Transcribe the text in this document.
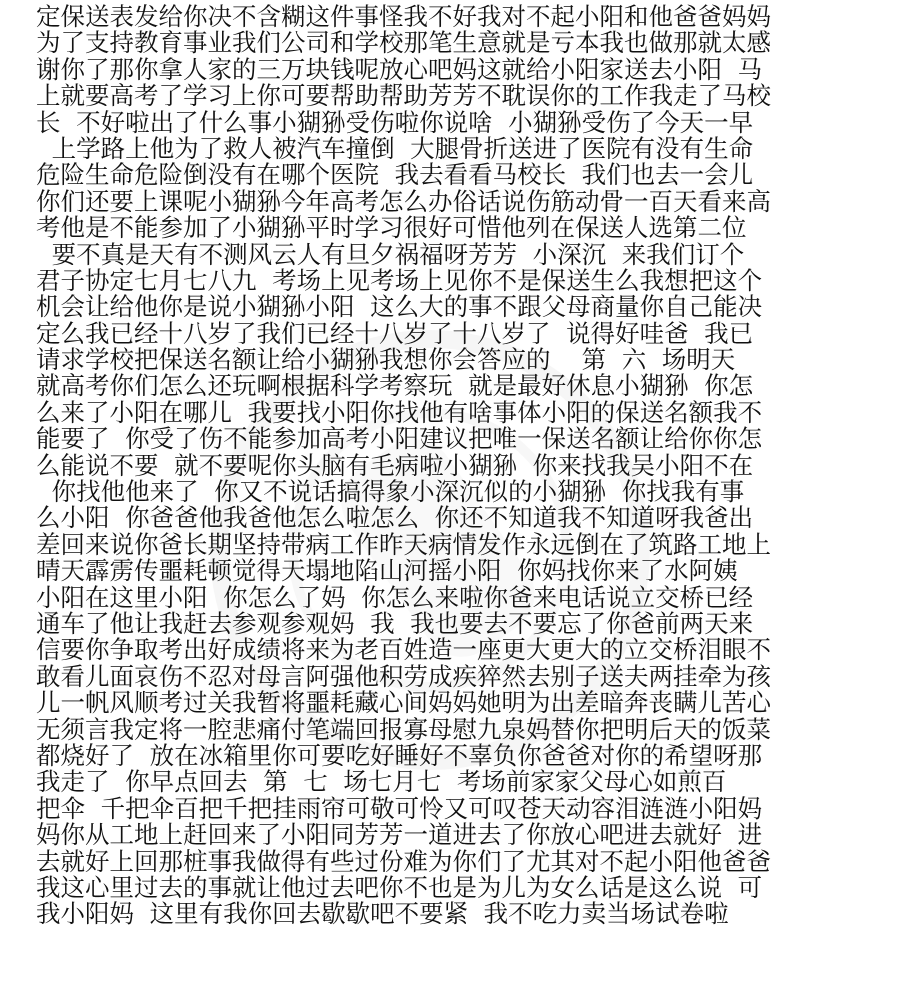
定保送表发给你决不含糊这件事怪我不好我对不起小阳和他爸爸妈妈
为了支持教育事业我们公司和学校那笔生意就是亏本我也做那就太感
谢你了那你拿人家的三万块钱呢放心吧妈这就给小阳家送去小阳  马
上就要高考了学习上你可要帮助帮助芳芳不耽误你的工作我走了马校
长  不好啦出了什么事小猢狲受伤啦你说啥  小猢狲受伤了今天一早
上学路上他为了救人被汽车撞倒  大腿骨折送进了医院有没有生命
危险生命危险倒没有在哪个医院  我去看看马校长  我们也去一会儿
你们还要上课呢小猢狲今年高考怎么办俗话说伤筋动骨一百天看来高
考他是不能参加了小猢狲平时学习很好可惜他列在保送人选第二位
要不真是天有不测风云人有旦夕祸福呀芳芳  小深沉  来我们订个
君子协定七月七八九  考场上见考场上见你不是保送生么我想把这个
机会让给他你是说小猢狲小阳  这么大的事不跟父母商量你自己能决
定么我已经十八岁了我们已经十八岁了十八岁了  说得好哇爸  我已
请求学校把保送名额让给小猢狲我想你会答应的    第  六  场明天
就高考你们怎么还玩啊根据科学考察玩  就是最好休息小猢狲  你怎
么来了小阳在哪儿  我要找小阳你找他有啥事体小阳的保送名额我不
能要了  你受了伤不能参加高考小阳建议把唯一保送名额让给你你怎
么能说不要  就不要呢你头脑有毛病啦小猢狲  你来找我吴小阳不在
你找他他来了  你又不说话搞得象小深沉似的小猢狲  你找我有事
么小阳  你爸爸他我爸他怎么啦怎么  你还不知道我不知道呀我爸出
差回来说你爸长期坚持带病工作昨天病情发作永远倒在了筑路工地上
晴天霹雳传噩耗顿觉得天塌地陷山河摇小阳  你妈找你来了水阿姨
小阳在这里小阳  你怎么了妈  你怎么来啦你爸来电话说立交桥已经
通车了他让我赶去参观参观妈  我  我也要去不要忘了你爸前两天来
信要你争取考出好成绩将来为老百姓造一座更大更大的立交桥泪眼不
敢看儿面哀伤不忍对母言阿强他积劳成疾猝然去别子送夫两挂牵为孩
儿一帆风顺考过关我暂将噩耗藏心间妈妈她明为出差暗奔丧瞒儿苦心
无须言我定将一腔悲痛付笔端回报寡母慰九泉妈替你把明后天的饭菜
都烧好了  放在冰箱里你可要吃好睡好不辜负你爸爸对你的希望呀那
我走了  你早点回去  第  七  场七月七  考场前家家父母心如煎百
把伞  千把伞百把千把挂雨帘可敬可怜又可叹苍天动容泪涟涟小阳妈
妈你从工地上赶回来了小阳同芳芳一道进去了你放心吧进去就好  进
去就好上回那桩事我做得有些过份难为你们了尤其对不起小阳他爸爸
我这心里过去的事就让他过去吧你不也是为儿为女么话是这么说  可
我小阳妈  这里有我你回去歇歇吧不要紧  我不吃力卖当场试卷啦
